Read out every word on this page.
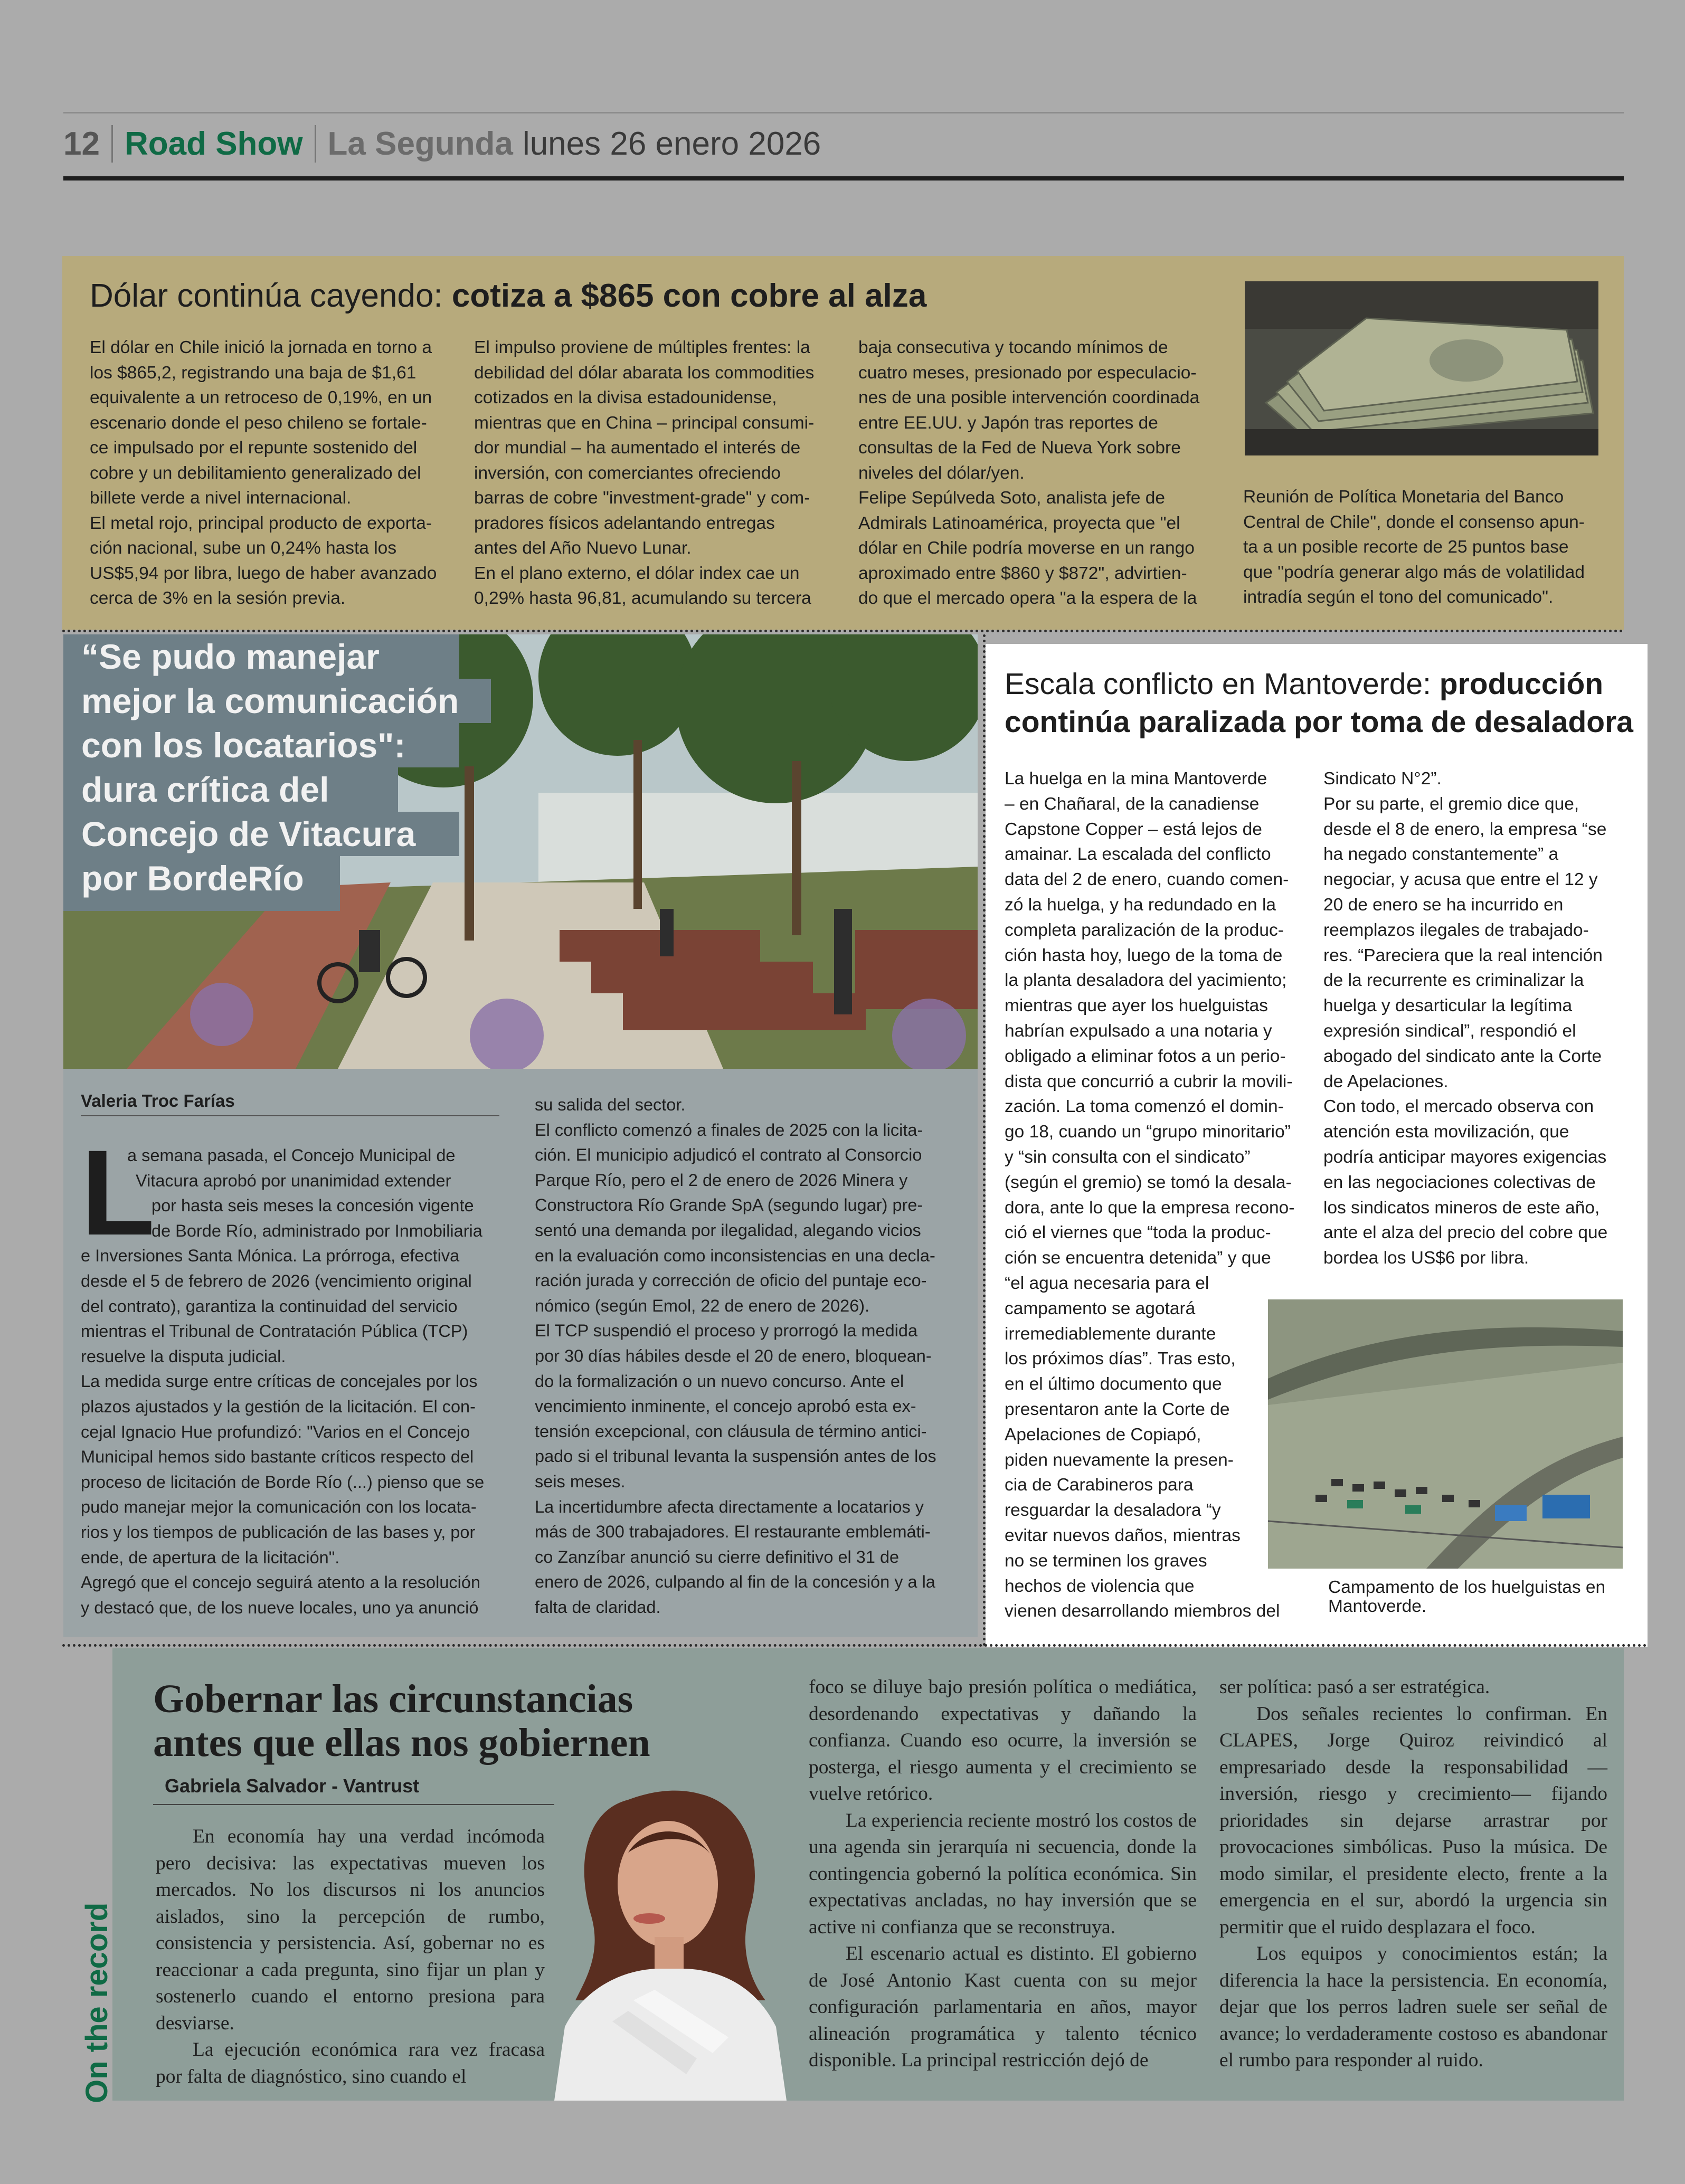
12 Road Show La Segunda lunes 26 enero 2026
Dólar continúa cayendo: cotiza a $865 con cobre al alza

El dólar en Chile inició la jornada en torno a

los $865,2, registrando una baja de $1,61

equivalente a un retroceso de 0,19%, en un

escenario donde el peso chileno se fortale-

ce impulsado por el repunte sostenido del

cobre y un debilitamiento generalizado del

billete verde a nivel internacional.

El metal rojo, principal producto de exporta-

ción nacional, sube un 0,24% hasta los

US$5,94 por libra, luego de haber avanzado

cerca de 3% en la sesión previa.

El impulso proviene de múltiples frentes: la

debilidad del dólar abarata los commodities

cotizados en la divisa estadounidense,

mientras que en China – principal consumi-

dor mundial – ha aumentado el interés de

inversión, con comerciantes ofreciendo

barras de cobre "investment-grade" y com-

pradores físicos adelantando entregas

antes del Año Nuevo Lunar.

En el plano externo, el dólar index cae un

0,29% hasta 96,81, acumulando su tercera

baja consecutiva y tocando mínimos de

cuatro meses, presionado por especulacio-

nes de una posible intervención coordinada

entre EE.UU. y Japón tras reportes de

consultas de la Fed de Nueva York sobre

niveles del dólar/yen.

Felipe Sepúlveda Soto, analista jefe de

Admirals Latinoamérica, proyecta que "el

dólar en Chile podría moverse en un rango

aproximado entre $860 y $872", advirtien-

do que el mercado opera "a la espera de la

Reunión de Política Monetaria del Banco

Central de Chile", donde el consenso apun-

ta a un posible recorte de 25 puntos base

que "podría generar algo más de volatilidad

intradía según el tono del comunicado".

“Se pudo manejar
mejor la comunicación
con los locatarios":
dura crítica del
Concejo de Vitacura
por BordeRío
Valeria Troc Farías
L

a semana pasada, el Concejo Municipal de

Vitacura aprobó por unanimidad extender

por hasta seis meses la concesión vigente

de Borde Río, administrado por Inmobiliaria

e Inversiones Santa Mónica. La prórroga, efectiva

desde el 5 de febrero de 2026 (vencimiento original

del contrato), garantiza la continuidad del servicio

mientras el Tribunal de Contratación Pública (TCP)

resuelve la disputa judicial.

La medida surge entre críticas de concejales por los

plazos ajustados y la gestión de la licitación. El con-

cejal Ignacio Hue profundizó: "Varios en el Concejo

Municipal hemos sido bastante críticos respecto del

proceso de licitación de Borde Río (...) pienso que se

pudo manejar mejor la comunicación con los locata-

rios y los tiempos de publicación de las bases y, por

ende, de apertura de la licitación".

Agregó que el concejo seguirá atento a la resolución

y destacó que, de los nueve locales, uno ya anunció

su salida del sector.

El conflicto comenzó a finales de 2025 con la licita-

ción. El municipio adjudicó el contrato al Consorcio

Parque Río, pero el 2 de enero de 2026 Minera y

Constructora Río Grande SpA (segundo lugar) pre-

sentó una demanda por ilegalidad, alegando vicios

en la evaluación como inconsistencias en una decla-

ración jurada y corrección de oficio del puntaje eco-

nómico (según Emol, 22 de enero de 2026).

El TCP suspendió el proceso y prorrogó la medida

por 30 días hábiles desde el 20 de enero, bloquean-

do la formalización o un nuevo concurso. Ante el

vencimiento inminente, el concejo aprobó esta ex-

tensión excepcional, con cláusula de término antici-

pado si el tribunal levanta la suspensión antes de los

seis meses.

La incertidumbre afecta directamente a locatarios y

más de 300 trabajadores. El restaurante emblemáti-

co Zanzíbar anunció su cierre definitivo el 31 de

enero de 2026, culpando al fin de la concesión y a la

falta de claridad.

Escala conflicto en Mantoverde: producción continúa paralizada por toma de desaladora

La huelga en la mina Mantoverde

– en Chañaral, de la canadiense

Capstone Copper – está lejos de

amainar. La escalada del conflicto

data del 2 de enero, cuando comen-

zó la huelga, y ha redundado en la

completa paralización de la produc-

ción hasta hoy, luego de la toma de

la planta desaladora del yacimiento;

mientras que ayer los huelguistas

habrían expulsado a una notaria y

obligado a eliminar fotos a un perio-

dista que concurrió a cubrir la movili-

zación. La toma comenzó el domin-

go 18, cuando un “grupo minoritario”

y “sin consulta con el sindicato”

(según el gremio) se tomó la desala-

dora, ante lo que la empresa recono-

ció el viernes que “toda la produc-

ción se encuentra detenida” y que

“el agua necesaria para el

campamento se agotará

irremediablemente durante

los próximos días”. Tras esto,

en el último documento que

presentaron ante la Corte de

Apelaciones de Copiapó,

piden nuevamente la presen-

cia de Carabineros para

resguardar la desaladora “y

evitar nuevos daños, mientras

no se terminen los graves

hechos de violencia que

vienen desarrollando miembros del

Sindicato N°2”.

Por su parte, el gremio dice que,

desde el 8 de enero, la empresa “se

ha negado constantemente” a

negociar, y acusa que entre el 12 y

20 de enero se ha incurrido en

reemplazos ilegales de trabajado-

res. “Pareciera que la real intención

de la recurrente es criminalizar la

huelga y desarticular la legítima

expresión sindical”, respondió el

abogado del sindicato ante la Corte

de Apelaciones.

Con todo, el mercado observa con

atención esta movilización, que

podría anticipar mayores exigencias

en las negociaciones colectivas de

los sindicatos mineros de este año,

ante el alza del precio del cobre que

bordea los US$6 por libra.

Campamento de los huelguistas en
Mantoverde.
On the record
Gobernar las circunstancias
antes que ellas nos gobiernen
Gabriela Salvador - Vantrust

En economía hay una verdad incómoda pero decisiva: las expectativas mueven los mercados. No los discursos ni los anuncios aislados, sino la percepción de rumbo, consistencia y persistencia. Así, gobernar no es reaccionar a cada pregunta, sino fijar un plan y sostenerlo cuando el entorno presiona para desviarse.

La ejecución económica rara vez fracasa por falta de diagnóstico, sino cuando el

foco se diluye bajo presión política o mediática, desordenando expectativas y dañando la confianza. Cuando eso ocurre, la inversión se posterga, el riesgo aumenta y el crecimiento se vuelve retórico.

La experiencia reciente mostró los costos de una agenda sin jerarquía ni secuencia, donde la contingencia gobernó la política económica. Sin expectativas ancladas, no hay inversión que se active ni confianza que se reconstruya.

El escenario actual es distinto. El gobierno de José Antonio Kast cuenta con su mejor configuración parlamentaria en años, mayor alineación programática y talento técnico disponible. La principal restricción dejó de

ser política: pasó a ser estratégica.

Dos señales recientes lo confirman. En CLAPES, Jorge Quiroz reivindicó al empresariado desde la responsabilidad —inversión, riesgo y crecimiento— fijando prioridades sin dejarse arrastrar por provocaciones simbólicas. Puso la música. De modo similar, el presidente electo, frente a la emergencia en el sur, abordó la urgencia sin permitir que el ruido desplazara el foco.

Los equipos y conocimientos están; la diferencia la hace la persistencia. En economía, dejar que los perros ladren suele ser señal de avance; lo verdaderamente costoso es abandonar el rumbo para responder al ruido.
